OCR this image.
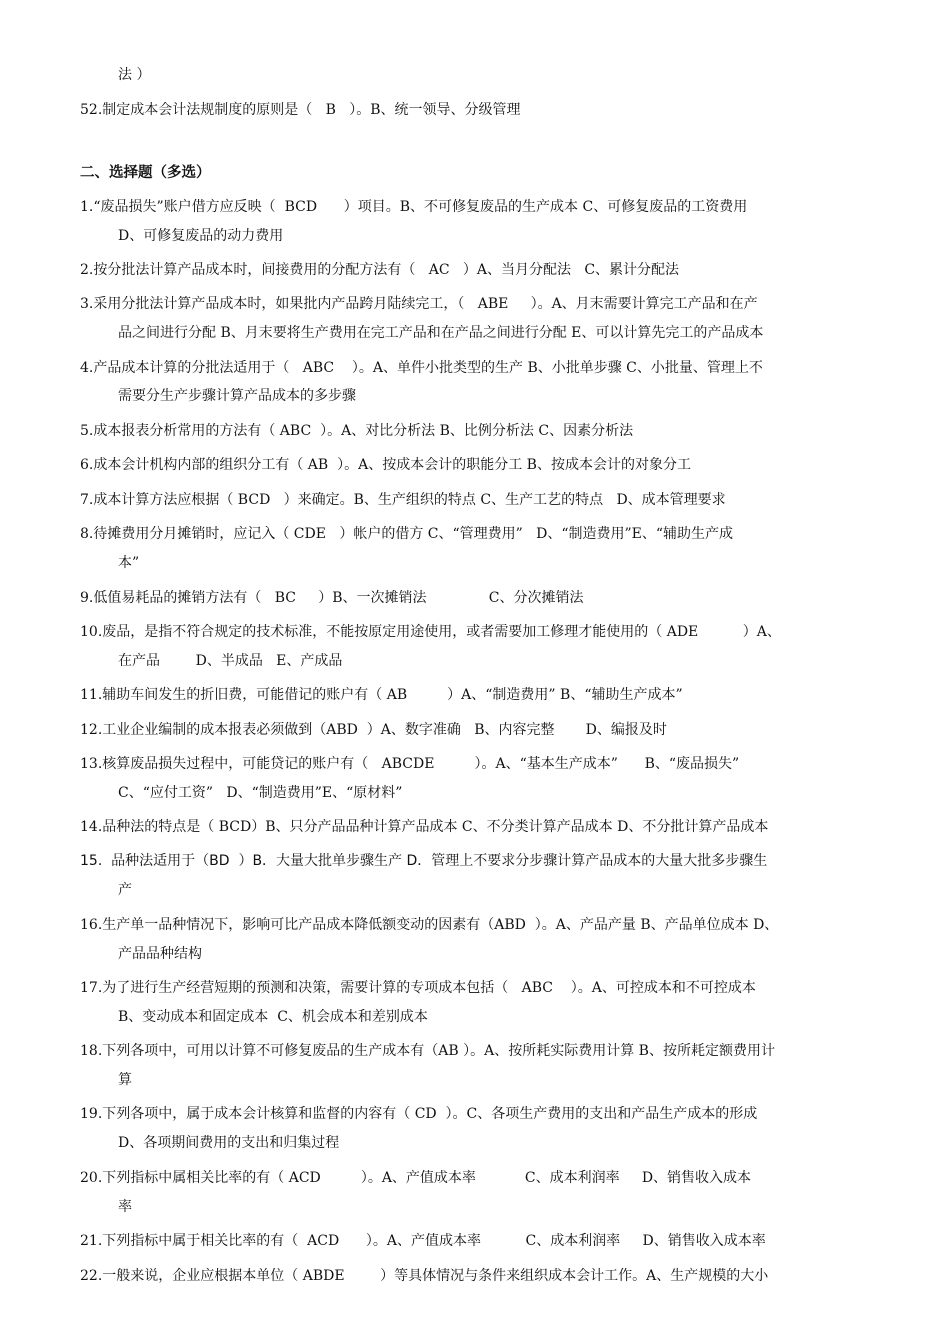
法 ）
52.制定成本会计法规制度的原则是（   B   ）。B、统一领导、分级管理
二、选择题（多选）
1.“废品损失”账户借方应反映（  BCD      ）项目。B、不可修复废品的生产成本 C、可修复废品的工资费用
D、可修复废品的动力费用
2.按分批法计算产品成本时，间接费用的分配方法有（   AC   ）A、当月分配法   C、累计分配法
3.采用分批法计算产品成本时，如果批内产品跨月陆续完工，（   ABE     ）。A、月末需要计算完工产品和在产
品之间进行分配 B、月末要将生产费用在完工产品和在产品之间进行分配 E、可以计算先完工的产品成本
4.产品成本计算的分批法适用于（   ABC    ）。A、单件小批类型的生产 B、小批单步骤 C、小批量、管理上不
需要分生产步骤计算产品成本的多步骤
5.成本报表分析常用的方法有（ ABC  ）。A、对比分析法 B、比例分析法 C、因素分析法
6.成本会计机构内部的组织分工有（ AB  ）。A、按成本会计的职能分工 B、按成本会计的对象分工
7.成本计算方法应根据（ BCD   ）来确定。B、生产组织的特点 C、生产工艺的特点   D、成本管理要求
8.待摊费用分月摊销时，应记入（ CDE   ）帐户的借方 C、“管理费用”   D、“制造费用”E、“辅助生产成
本”
9.低值易耗品的摊销方法有（   BC     ）B、一次摊销法              C、分次摊销法
10.废品，是指不符合规定的技术标准，不能按原定用途使用，或者需要加工修理才能使用的（ ADE          ）A、
在产品        D、半成品   E、产成品
11.辅助车间发生的折旧费，可能借记的账户有（ AB         ）A、“制造费用” B、“辅助生产成本”
12.工业企业编制的成本报表必须做到（ABD  ）A、数字准确   B、内容完整       D、编报及时
13.核算废品损失过程中，可能贷记的账户有（   ABCDE         ）。A、“基本生产成本”      B、“废品损失”
C、“应付工资”   D、“制造费用”E、“原材料”
14.品种法的特点是（ BCD）B、只分产品品种计算产品成本 C、不分类计算产品成本 D、不分批计算产品成本
15.  品种法适用于（BD  ）B．大量大批单步骤生产 D．管理上不要求分步骤计算产品成本的大量大批多步骤生
产
16.生产单一品种情况下，影响可比产品成本降低额变动的因素有（ABD  ）。A、产品产量 B、产品单位成本 D、
产品品种结构
17.为了进行生产经营短期的预测和决策，需要计算的专项成本包括（   ABC    ）。A、可控成本和不可控成本
B、变动成本和固定成本  C、机会成本和差别成本
18.下列各项中，可用以计算不可修复废品的生产成本有（AB ）。A、按所耗实际费用计算 B、按所耗定额费用计
算
19.下列各项中，属于成本会计核算和监督的内容有（ CD  ）。C、各项生产费用的支出和产品生产成本的形成
D、各项期间费用的支出和归集过程
20.下列指标中属相关比率的有（ ACD         ）。A、产值成本率           C、成本利润率     D、销售收入成本
率
21.下列指标中属于相关比率的有（  ACD      ）。A、产值成本率          C、成本利润率     D、销售收入成本率
22.一般来说，企业应根据本单位（ ABDE        ）等具体情况与条件来组织成本会计工作。A、生产规模的大小
